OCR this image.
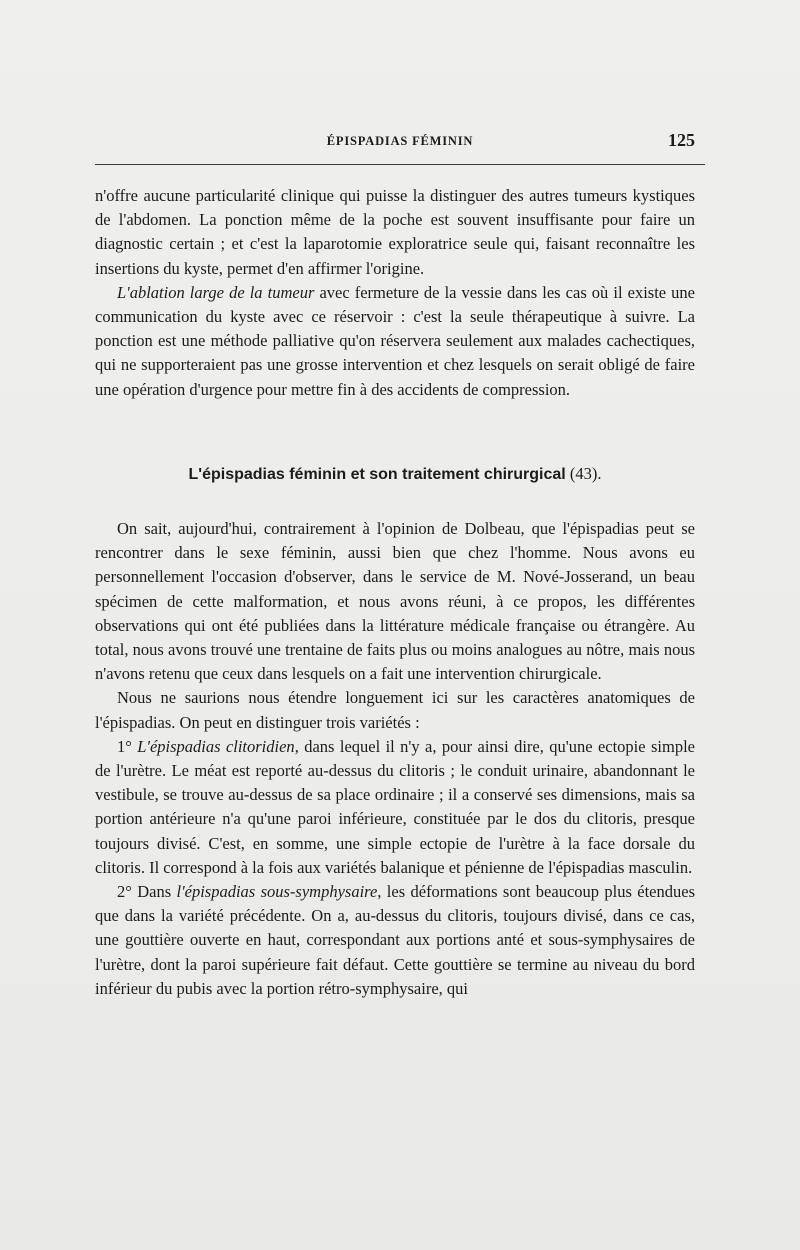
ÉPISPADIAS FÉMININ	125

n'offre aucune particularité clinique qui puisse la distinguer des autres tumeurs kystiques de l'abdomen. La ponction même de la poche est souvent insuffisante pour faire un diagnostic certain ; et c'est la laparotomie exploratrice seule qui, faisant reconnaître les insertions du kyste, permet d'en affirmer l'origine.

L'ablation large de la tumeur avec fermeture de la vessie dans les cas où il existe une communication du kyste avec ce réservoir : c'est la seule thérapeutique à suivre. La ponction est une méthode palliative qu'on réservera seulement aux malades cachectiques, qui ne supporteraient pas une grosse intervention et chez lesquels on serait obligé de faire une opération d'urgence pour mettre fin à des accidents de compression.

L'épispadias féminin et son traitement chirurgical (43).

On sait, aujourd'hui, contrairement à l'opinion de Dolbeau, que l'épispadias peut se rencontrer dans le sexe féminin, aussi bien que chez l'homme. Nous avons eu personnellement l'occasion d'observer, dans le service de M. Nové-Josserand, un beau spécimen de cette malformation, et nous avons réuni, à ce propos, les différentes observations qui ont été publiées dans la littérature médicale française ou étrangère. Au total, nous avons trouvé une trentaine de faits plus ou moins analogues au nôtre, mais nous n'avons retenu que ceux dans lesquels on a fait une intervention chirurgicale.

Nous ne saurions nous étendre longuement ici sur les caractères anatomiques de l'épispadias. On peut en distinguer trois variétés :

1° L'épispadias clitoridien, dans lequel il n'y a, pour ainsi dire, qu'une ectopie simple de l'urètre. Le méat est reporté au-dessus du clitoris ; le conduit urinaire, abandonnant le vestibule, se trouve au-dessus de sa place ordinaire ; il a conservé ses dimensions, mais sa portion antérieure n'a qu'une paroi inférieure, constituée par le dos du clitoris, presque toujours divisé. C'est, en somme, une simple ectopie de l'urètre à la face dorsale du clitoris. Il correspond à la fois aux variétés balanique et pénienne de l'épispadias masculin.

2° Dans l'épispadias sous-symphysaire, les déformations sont beaucoup plus étendues que dans la variété précédente. On a, au-dessus du clitoris, toujours divisé, dans ce cas, une gouttière ouverte en haut, correspondant aux portions anté et sous-symphysaires de l'urètre, dont la paroi supérieure fait défaut. Cette gouttière se termine au niveau du bord inférieur du pubis avec la portion rétro-symphysaire, qui
